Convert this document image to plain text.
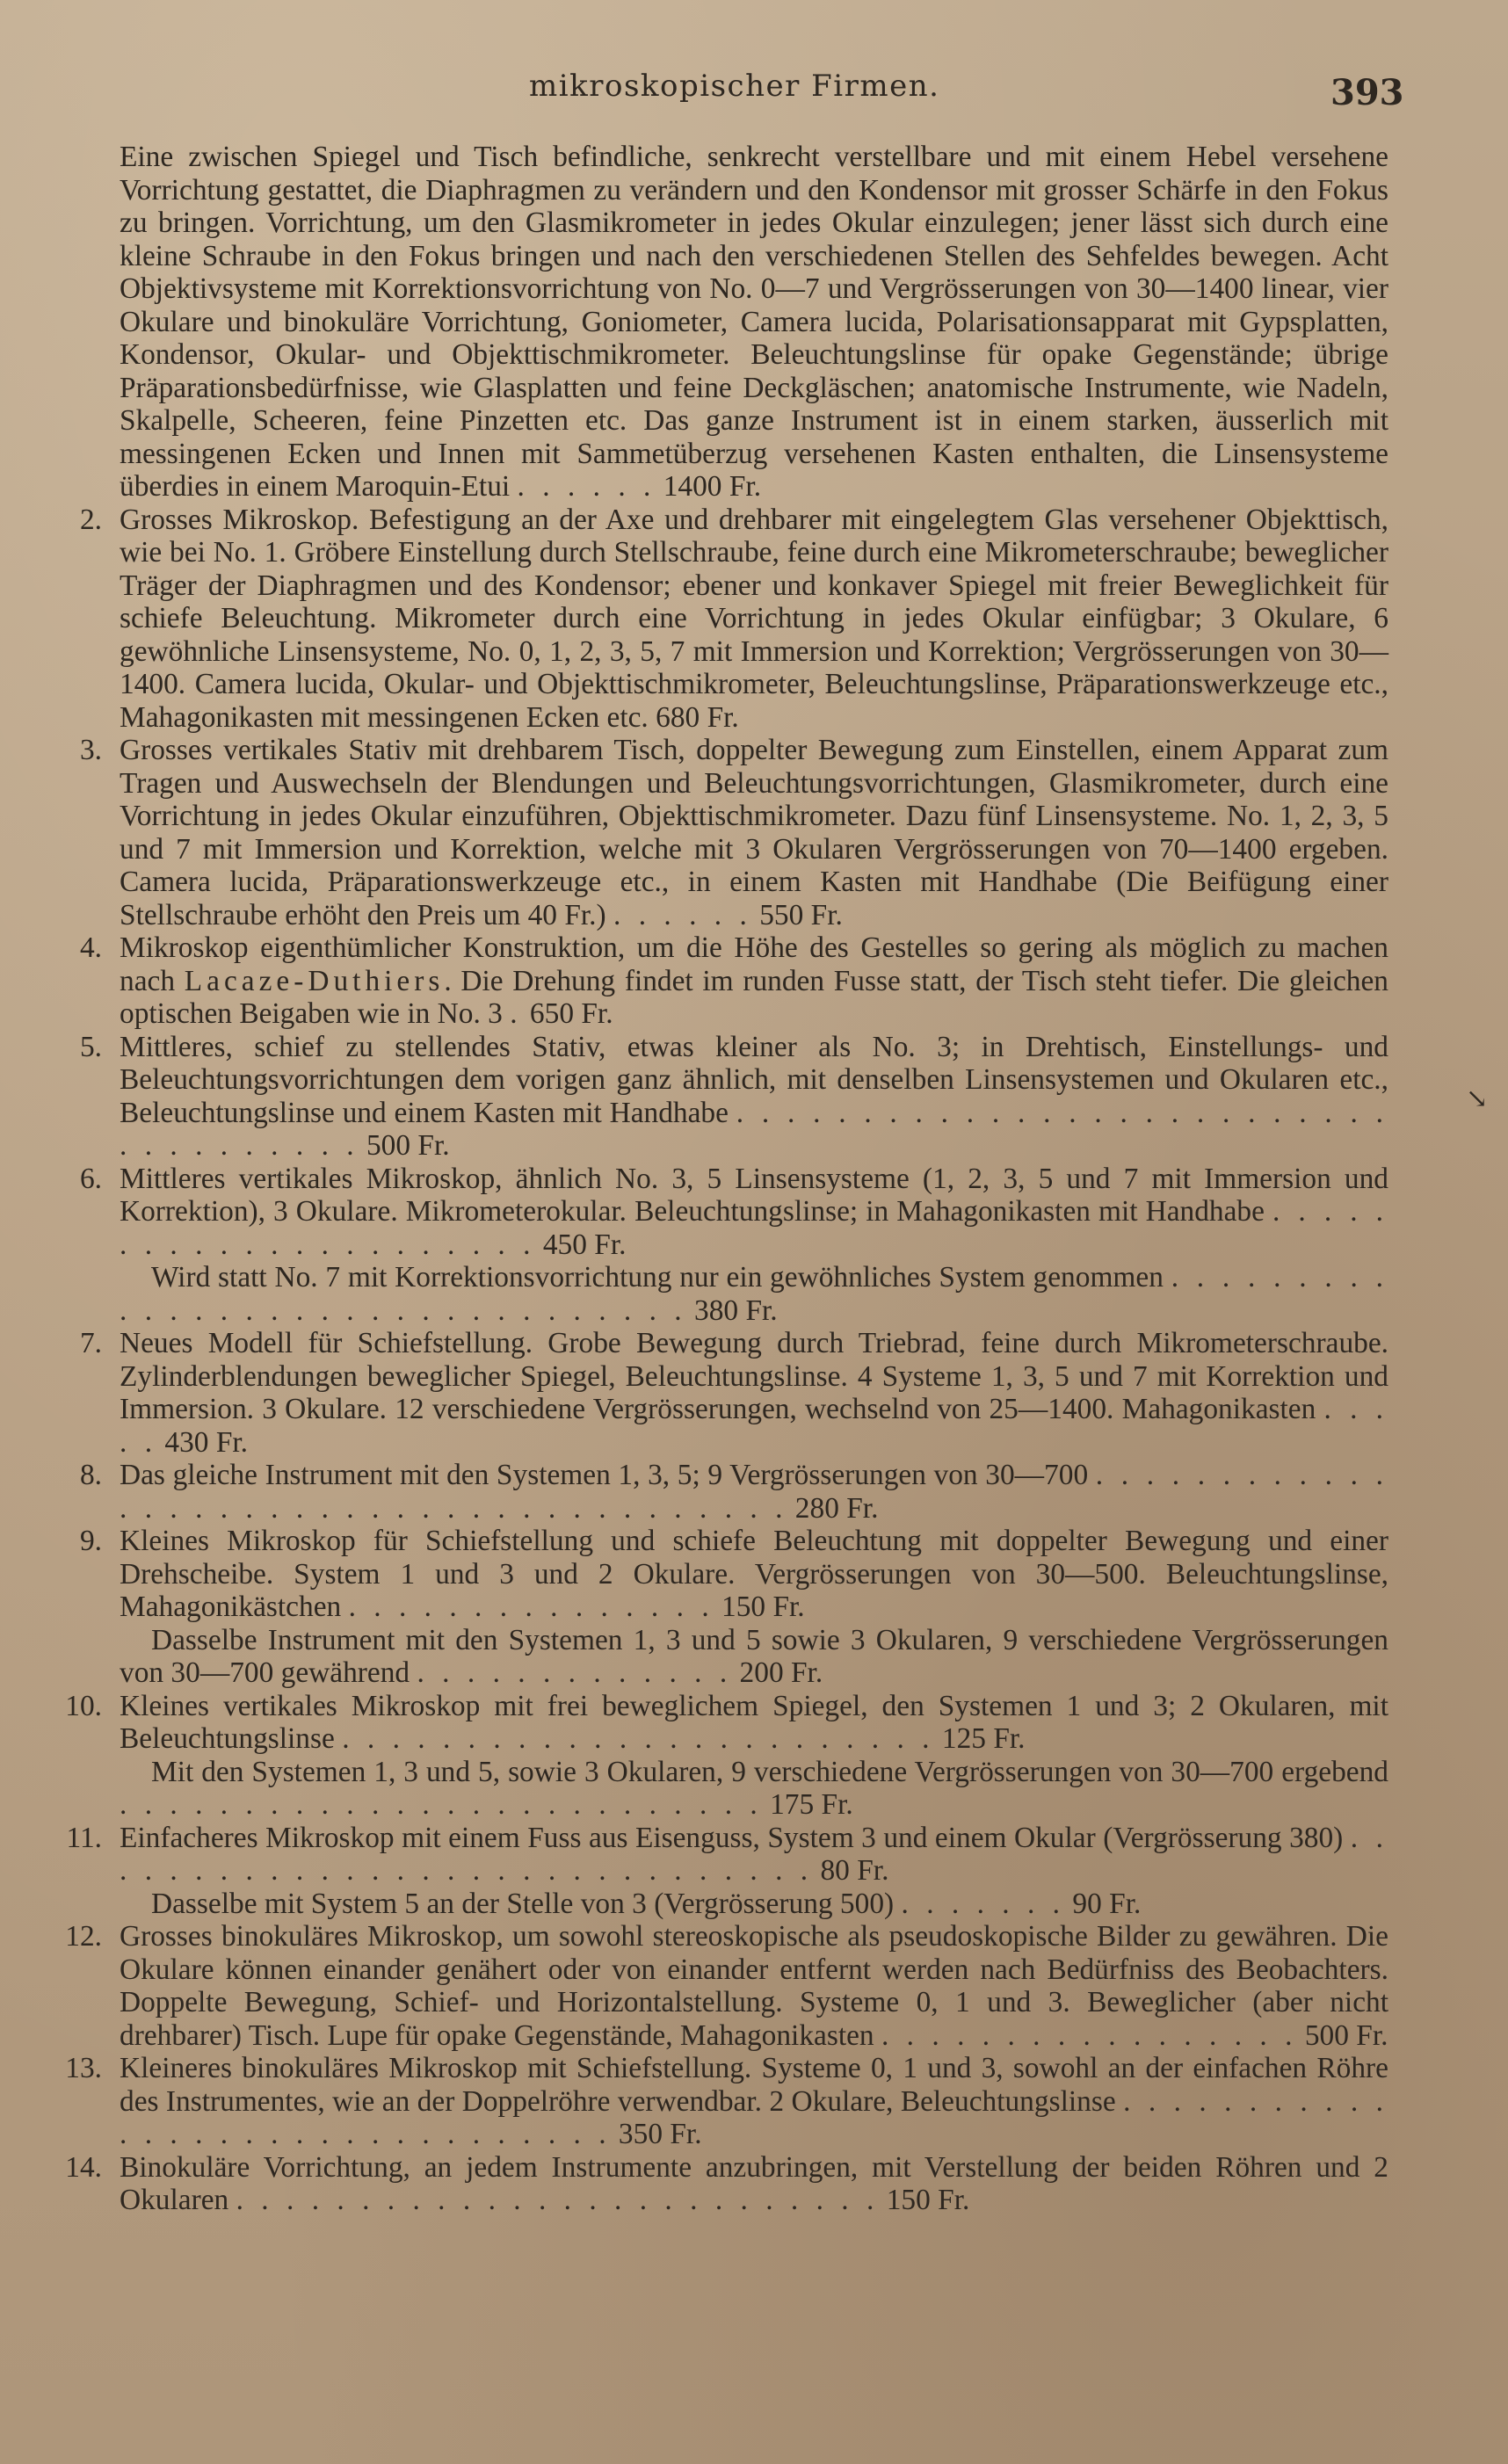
mikroskopischer Firmen.	393

Eine zwischen Spiegel und Tisch befindliche, senkrecht verstellbare und mit einem Hebel versehene Vorrichtung gestattet, die Diaphragmen zu verändern und den Kondensor mit grosser Schärfe in den Fokus zu bringen. Vorrichtung, um den Glasmikrometer in jedes Okular einzulegen; jener lässt sich durch eine kleine Schraube in den Fokus bringen und nach den verschiedenen Stellen des Sehfeldes bewegen. Acht Objektivsysteme mit Korrektionsvorrichtung von No. 0—7 und Vergrösserungen von 30—1400 linear, vier Okulare und binokuläre Vorrichtung, Goniometer, Camera lucida, Polarisationsapparat mit Gypsplatten, Kondensor, Okular- und Objekttischmikrometer. Beleuchtungslinse für opake Gegenstände; übrige Präparationsbedürfnisse, wie Glasplatten und feine Deckgläschen; anatomische Instrumente, wie Nadeln, Skalpelle, Scheeren, feine Pinzetten etc. Das ganze Instrument ist in einem starken, äusserlich mit messingenen Ecken und Innen mit Sammetüberzug versehenen Kasten enthalten, die Linsensysteme überdies in einem Maroquin-Etui . . . . . . 1400 Fr.

2. Grosses Mikroskop. Befestigung an der Axe und drehbarer mit eingelegtem Glas versehener Objekttisch, wie bei No. 1. Gröbere Einstellung durch Stellschraube, feine durch eine Mikrometerschraube; beweglicher Träger der Diaphragmen und des Kondensor; ebener und konkaver Spiegel mit freier Beweglichkeit für schiefe Beleuchtung. Mikrometer durch eine Vorrichtung in jedes Okular einfügbar; 3 Okulare, 6 gewöhnliche Linsensysteme, No. 0, 1, 2, 3, 5, 7 mit Immersion und Korrektion; Vergrösserungen von 30—1400. Camera lucida, Okular- und Objekttischmikrometer, Beleuchtungslinse, Präparationswerkzeuge etc., Mahagonikasten mit messingenen Ecken etc. 680 Fr.

3. Grosses vertikales Stativ mit drehbarem Tisch, doppelter Bewegung zum Einstellen, einem Apparat zum Tragen und Auswechseln der Blendungen und Beleuchtungsvorrichtungen, Glasmikrometer, durch eine Vorrichtung in jedes Okular einzuführen, Objekttischmikrometer. Dazu fünf Linsensysteme. No. 1, 2, 3, 5 und 7 mit Immersion und Korrektion, welche mit 3 Okularen Vergrösserungen von 70—1400 ergeben. Camera lucida, Präparationswerkzeuge etc., in einem Kasten mit Handhabe (Die Beifügung einer Stellschraube erhöht den Preis um 40 Fr.) . . . . . . 550 Fr.

4. Mikroskop eigenthümlicher Konstruktion, um die Höhe des Gestelles so gering als möglich zu machen nach Lacaze-Duthiers. Die Drehung findet im runden Fusse statt, der Tisch steht tiefer. Die gleichen optischen Beigaben wie in No. 3 . 650 Fr.

5. Mittleres, schief zu stellendes Stativ, etwas kleiner als No. 3; in Drehtisch, Einstellungs- und Beleuchtungsvorrichtungen dem vorigen ganz ähnlich, mit denselben Linsensystemen und Okularen etc., Beleuchtungslinse und einem Kasten mit Handhabe . . . . . . . . . . . . . . . . . . . . . . . . . . . . . . . . . . . . 500 Fr.

6. Mittleres vertikales Mikroskop, ähnlich No. 3, 5 Linsensysteme (1, 2, 3, 5 und 7 mit Immersion und Korrektion), 3 Okulare. Mikrometerokular. Beleuchtungslinse; in Mahagonikasten mit Handhabe . . . . . . . . . . . . . . . . . . . . . . 450 Fr.

Wird statt No. 7 mit Korrektionsvorrichtung nur ein gewöhnliches System genommen . . . . . . . . . . . . . . . . . . . . . . . . . . . . . . . . 380 Fr.

7. Neues Modell für Schiefstellung. Grobe Bewegung durch Triebrad, feine durch Mikrometerschraube. Zylinderblendungen beweglicher Spiegel, Beleuchtungslinse. 4 Systeme 1, 3, 5 und 7 mit Korrektion und Immersion. 3 Okulare. 12 verschiedene Vergrösserungen, wechselnd von 25—1400. Mahagonikasten . . . . . 430 Fr.

8. Das gleiche Instrument mit den Systemen 1, 3, 5; 9 Vergrösserungen von 30—700 . . . . . . . . . . . . . . . . . . . . . . . . . . . . . . . . . . . . . . . 280 Fr.

9. Kleines Mikroskop für Schiefstellung und schiefe Beleuchtung mit doppelter Bewegung und einer Drehscheibe. System 1 und 3 und 2 Okulare. Vergrösserungen von 30—500. Beleuchtungslinse, Mahagonikästchen . . . . . . . . . . . . . . . 150 Fr.

Dasselbe Instrument mit den Systemen 1, 3 und 5 sowie 3 Okularen, 9 verschiedene Vergrösserungen von 30—700 gewährend . . . . . . . . . . . . . 200 Fr.

10. Kleines vertikales Mikroskop mit frei beweglichem Spiegel, den Systemen 1 und 3; 2 Okularen, mit Beleuchtungslinse . . . . . . . . . . . . . . . . . . . . . . . . 125 Fr.

Mit den Systemen 1, 3 und 5, sowie 3 Okularen, 9 verschiedene Vergrösserungen von 30—700 ergebend . . . . . . . . . . . . . . . . . . . . . . . . . . 175 Fr.

11. Einfacheres Mikroskop mit einem Fuss aus Eisenguss, System 3 und einem Okular (Vergrösserung 380) . . . . . . . . . . . . . . . . . . . . . . . . . . . . . . 80 Fr.

Dasselbe mit System 5 an der Stelle von 3 (Vergrösserung 500) . . . . . . . 90 Fr.

12. Grosses binokuläres Mikroskop, um sowohl stereoskopische als pseudoskopische Bilder zu gewähren. Die Okulare können einander genähert oder von einander entfernt werden nach Bedürfniss des Beobachters. Doppelte Bewegung, Schief- und Horizontalstellung. Systeme 0, 1 und 3. Beweglicher (aber nicht drehbarer) Tisch. Lupe für opake Gegenstände, Mahagonikasten . . . . . . . . . . . . . . . . . 500 Fr.

13. Kleineres binokuläres Mikroskop mit Schiefstellung. Systeme 0, 1 und 3, sowohl an der einfachen Röhre des Instrumentes, wie an der Doppelröhre verwendbar. 2 Okulare, Beleuchtungslinse . . . . . . . . . . . . . . . . . . . . . . . . . . . . . . . 350 Fr.

14. Binokuläre Vorrichtung, an jedem Instrumente anzubringen, mit Verstellung der beiden Röhren und 2 Okularen . . . . . . . . . . . . . . . . . . . . . . . . . . 150 Fr.

↘
